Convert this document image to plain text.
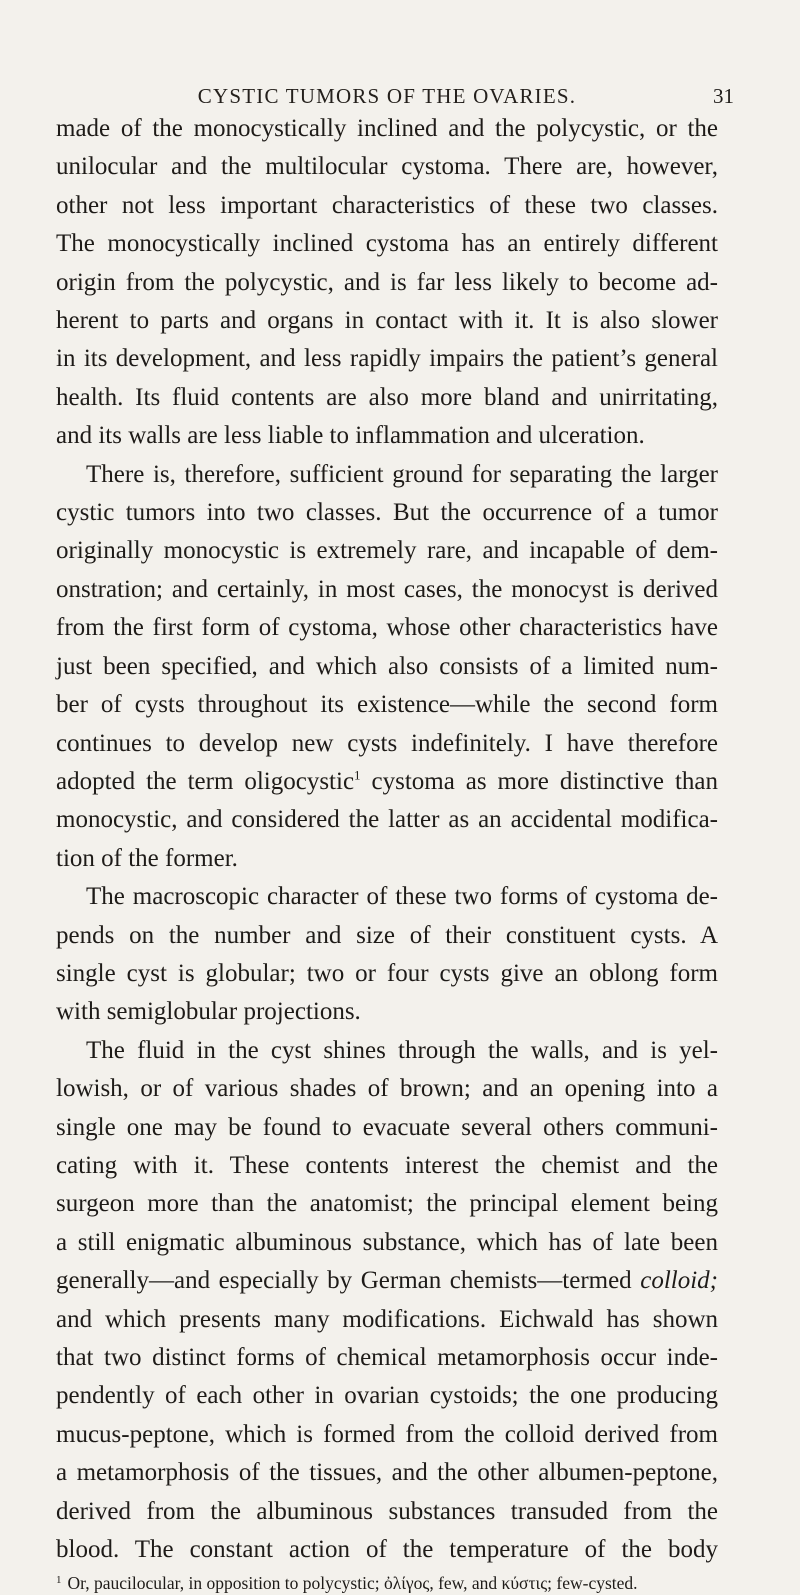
CYSTIC TUMORS OF THE OVARIES.	31
made of the monocystically inclined and the polycystic, or the
unilocular and the multilocular cystoma. There are, however,
other not less important characteristics of these two classes.
The monocystically inclined cystoma has an entirely different
origin from the polycystic, and is far less likely to become ad-
herent to parts and organs in contact with it. It is also slower
in its development, and less rapidly impairs the patient’s general
health. Its fluid contents are also more bland and unirritating,
and its walls are less liable to inflammation and ulceration.
There is, therefore, sufficient ground for separating the larger
cystic tumors into two classes. But the occurrence of a tumor
originally monocystic is extremely rare, and incapable of dem-
onstration; and certainly, in most cases, the monocyst is derived
from the first form of cystoma, whose other characteristics have
just been specified, and which also consists of a limited num-
ber of cysts throughout its existence—while the second form
continues to develop new cysts indefinitely. I have therefore
adopted the term oligocystic$^1$ cystoma as more distinctive than
monocystic, and considered the latter as an accidental modifica-
tion of the former.
The macroscopic character of these two forms of cystoma de-
pends on the number and size of their constituent cysts. A
single cyst is globular; two or four cysts give an oblong form
with semiglobular projections.
The fluid in the cyst shines through the walls, and is yel-
lowish, or of various shades of brown; and an opening into a
single one may be found to evacuate several others communi-
cating with it. These contents interest the chemist and the
surgeon more than the anatomist; the principal element being
a still enigmatic albuminous substance, which has of late been
generally—and especially by German chemists—termed colloid;
and which presents many modifications. Eichwald has shown
that two distinct forms of chemical metamorphosis occur inde-
pendently of each other in ovarian cystoids; the one producing
mucus-peptone, which is formed from the colloid derived from
a metamorphosis of the tissues, and the other albumen-peptone,
derived from the albuminous substances transuded from the
blood. The constant action of the temperature of the body
$^1$ Or, paucilocular, in opposition to polycystic; ὀλίγος, few, and κύστις; few-cysted.
